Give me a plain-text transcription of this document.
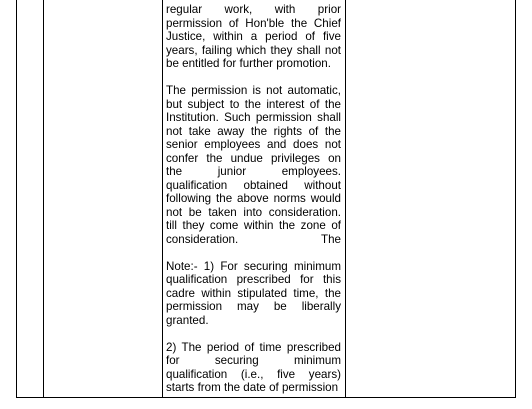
regular work, with prior
permission of Hon'ble the Chief
Justice, within a period of five
years, failing which they shall not
be entitled for further promotion.
The permission is not automatic,
but subject to the interest of the
Institution. Such permission shall
not take away the rights of the
senior employees and does not
confer the undue privileges on
the junior employees.
qualification obtained without
following the above norms would
not be taken into consideration.
till they come within the zone of
consideration. The
Note:- 1) For securing minimum
qualification prescribed for this
cadre within stipulated time, the
permission may be liberally
granted.
2) The period of time prescribed
for securing minimum
qualification (i.e., five years)
starts from the date of permission
